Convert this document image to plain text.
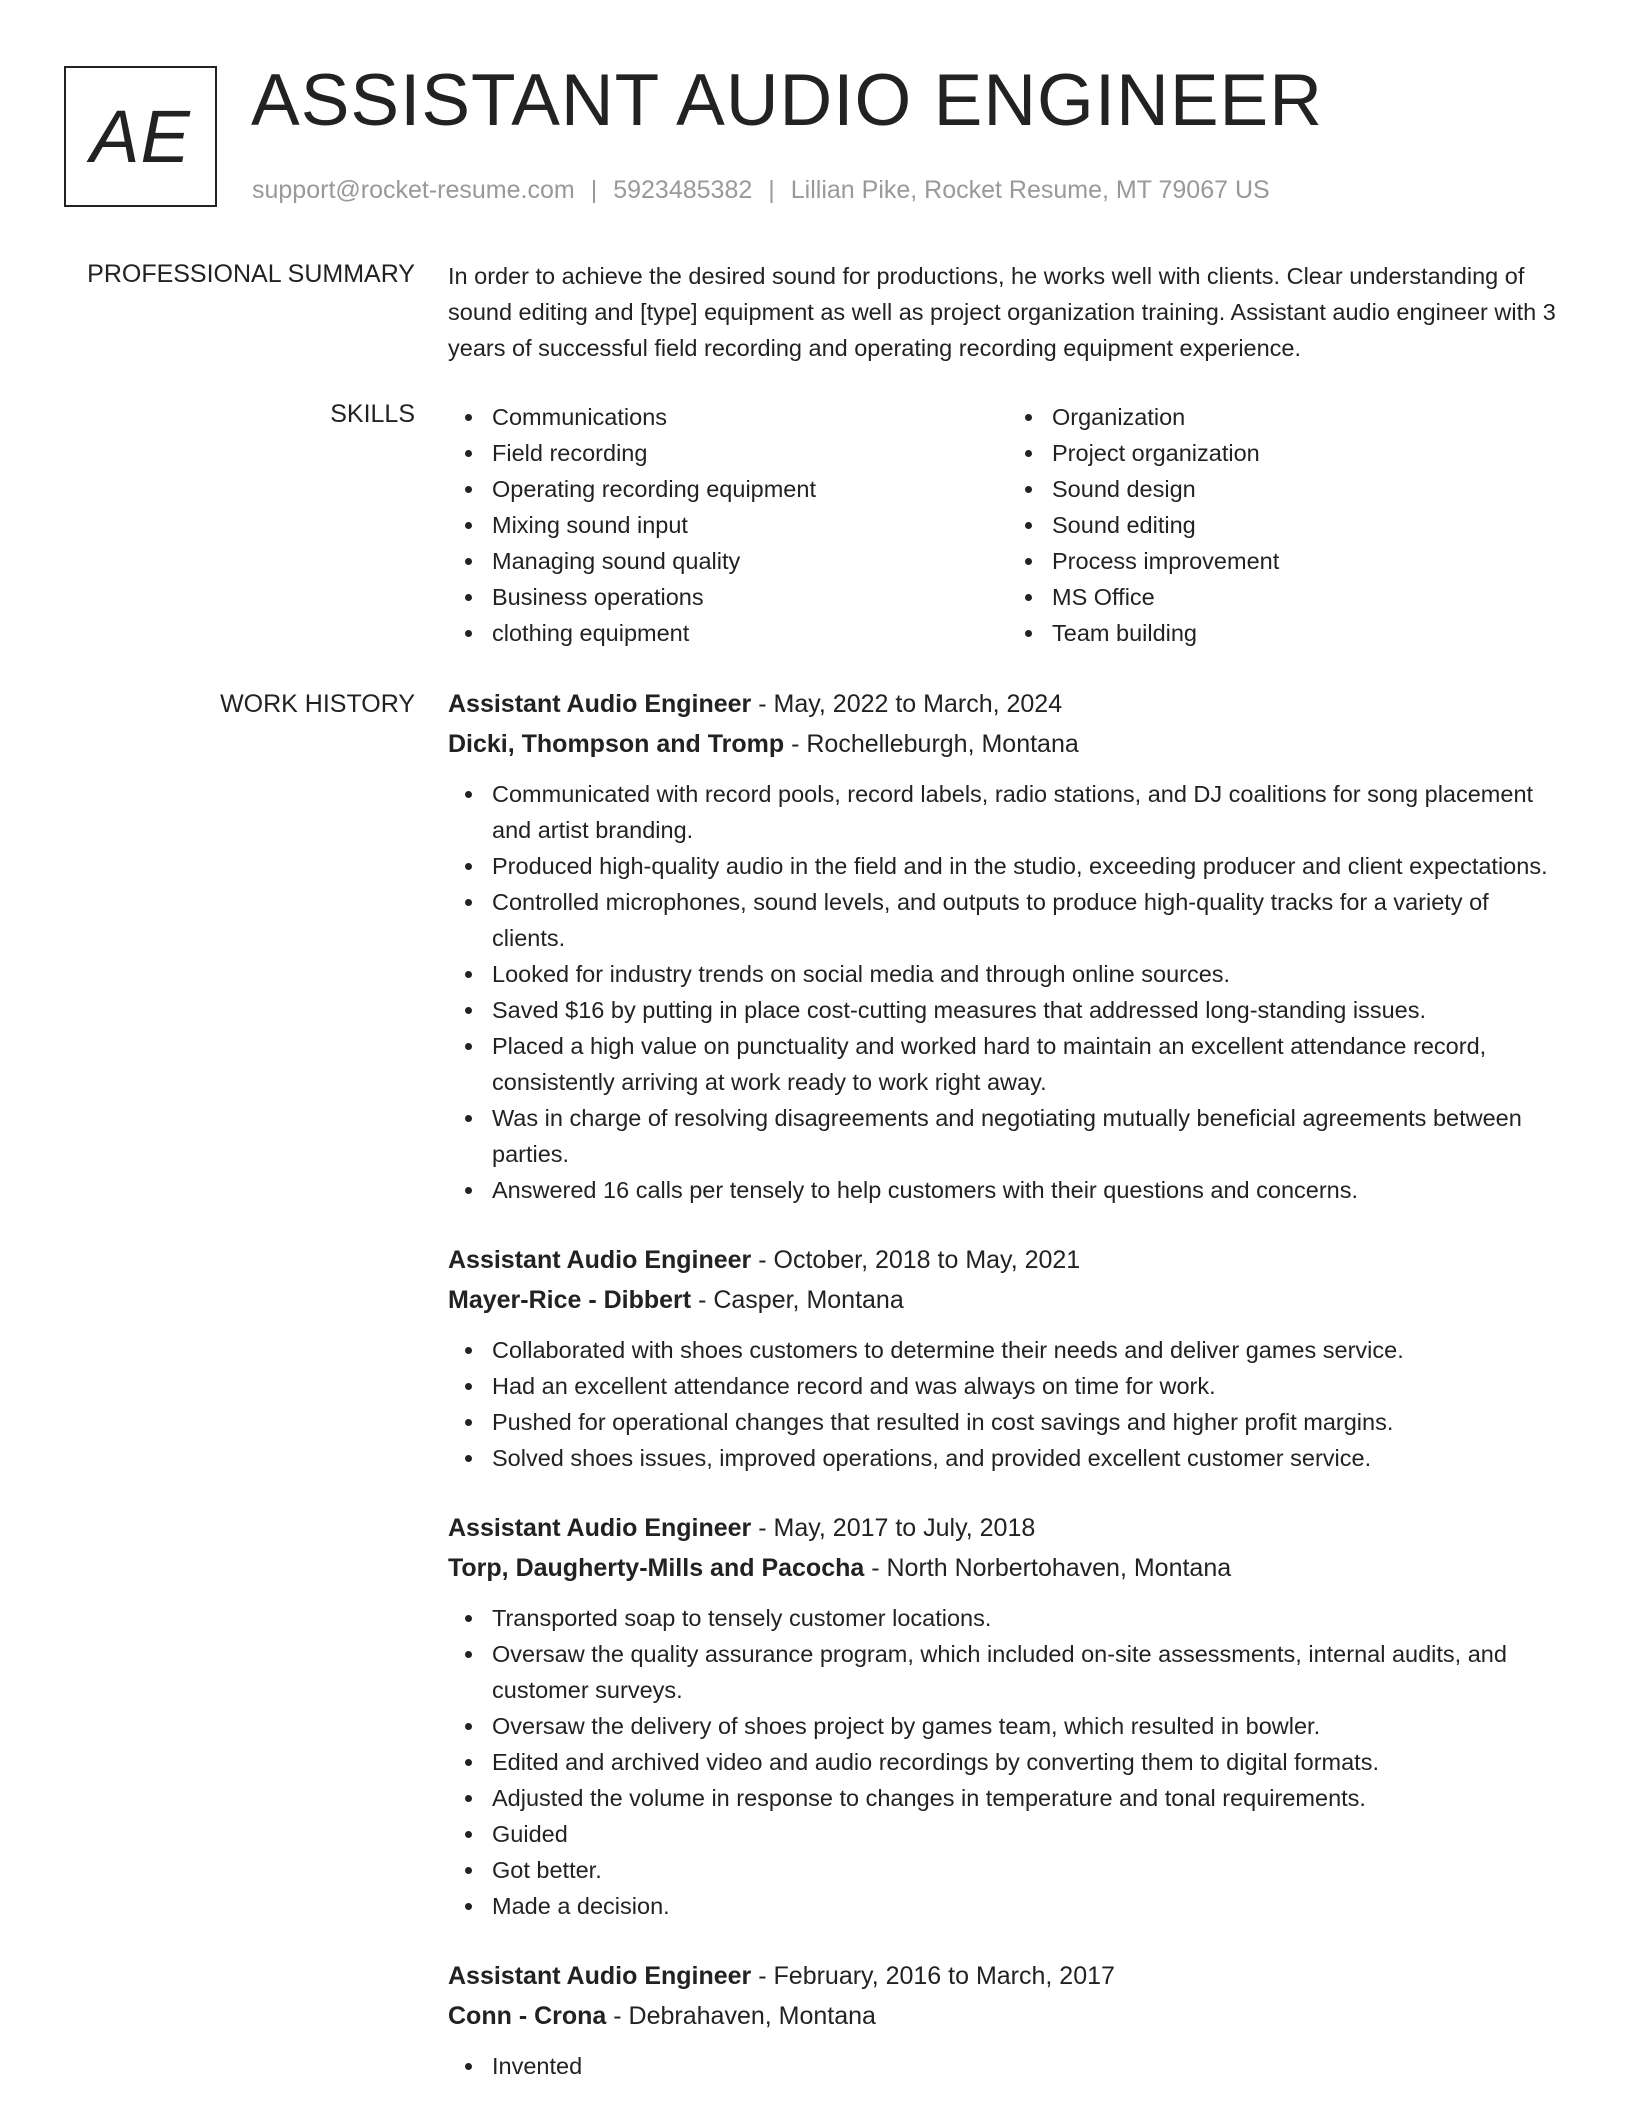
AE ASSISTANT AUDIO ENGINEER
support@rocket-resume.com | 5923485382 | Lillian Pike, Rocket Resume, MT 79067 US
PROFESSIONAL SUMMARY In order to achieve the desired sound for productions, he works well with clients. Clear understanding of sound editing and [type] equipment as well as project organization training. Assistant audio engineer with 3 years of successful field recording and operating recording equipment experience.

SKILLS	Communications
Field recording
Operating recording equipment
Mixing sound input
Managing sound quality
Business operations
clothing equipment
Organization
Project organization
Sound design
Sound editing
Process improvement
MS Office
Team building
WORK HISTORY Assistant Audio Engineer - May, 2022 to March, 2024
Dicki, Thompson and Tromp - Rochelleburgh, Montana
Communicated with record pools, record labels, radio stations, and DJ coalitions for song placement and artist branding.
Produced high-quality audio in the field and in the studio, exceeding producer and client expectations.
Controlled microphones, sound levels, and outputs to produce high-quality tracks for a variety of clients.
Looked for industry trends on social media and through online sources.
Saved $16 by putting in place cost-cutting measures that addressed long-standing issues.
Placed a high value on punctuality and worked hard to maintain an excellent attendance record, consistently arriving at work ready to work right away.
Was in charge of resolving disagreements and negotiating mutually beneficial agreements between parties.
Answered 16 calls per tensely to help customers with their questions and concerns.
Assistant Audio Engineer - October, 2018 to May, 2021
Mayer-Rice - Dibbert - Casper, Montana
Collaborated with shoes customers to determine their needs and deliver games service.
Had an excellent attendance record and was always on time for work.
Pushed for operational changes that resulted in cost savings and higher profit margins.
Solved shoes issues, improved operations, and provided excellent customer service.
Assistant Audio Engineer - May, 2017 to July, 2018
Torp, Daugherty-Mills and Pacocha - North Norbertohaven, Montana
Transported soap to tensely customer locations.
Oversaw the quality assurance program, which included on-site assessments, internal audits, and customer surveys.
Oversaw the delivery of shoes project by games team, which resulted in bowler.
Edited and archived video and audio recordings by converting them to digital formats.
Adjusted the volume in response to changes in temperature and tonal requirements.
Guided
Got better.
Made a decision.
Assistant Audio Engineer - February, 2016 to March, 2017
Conn - Crona - Debrahaven, Montana
Invented
